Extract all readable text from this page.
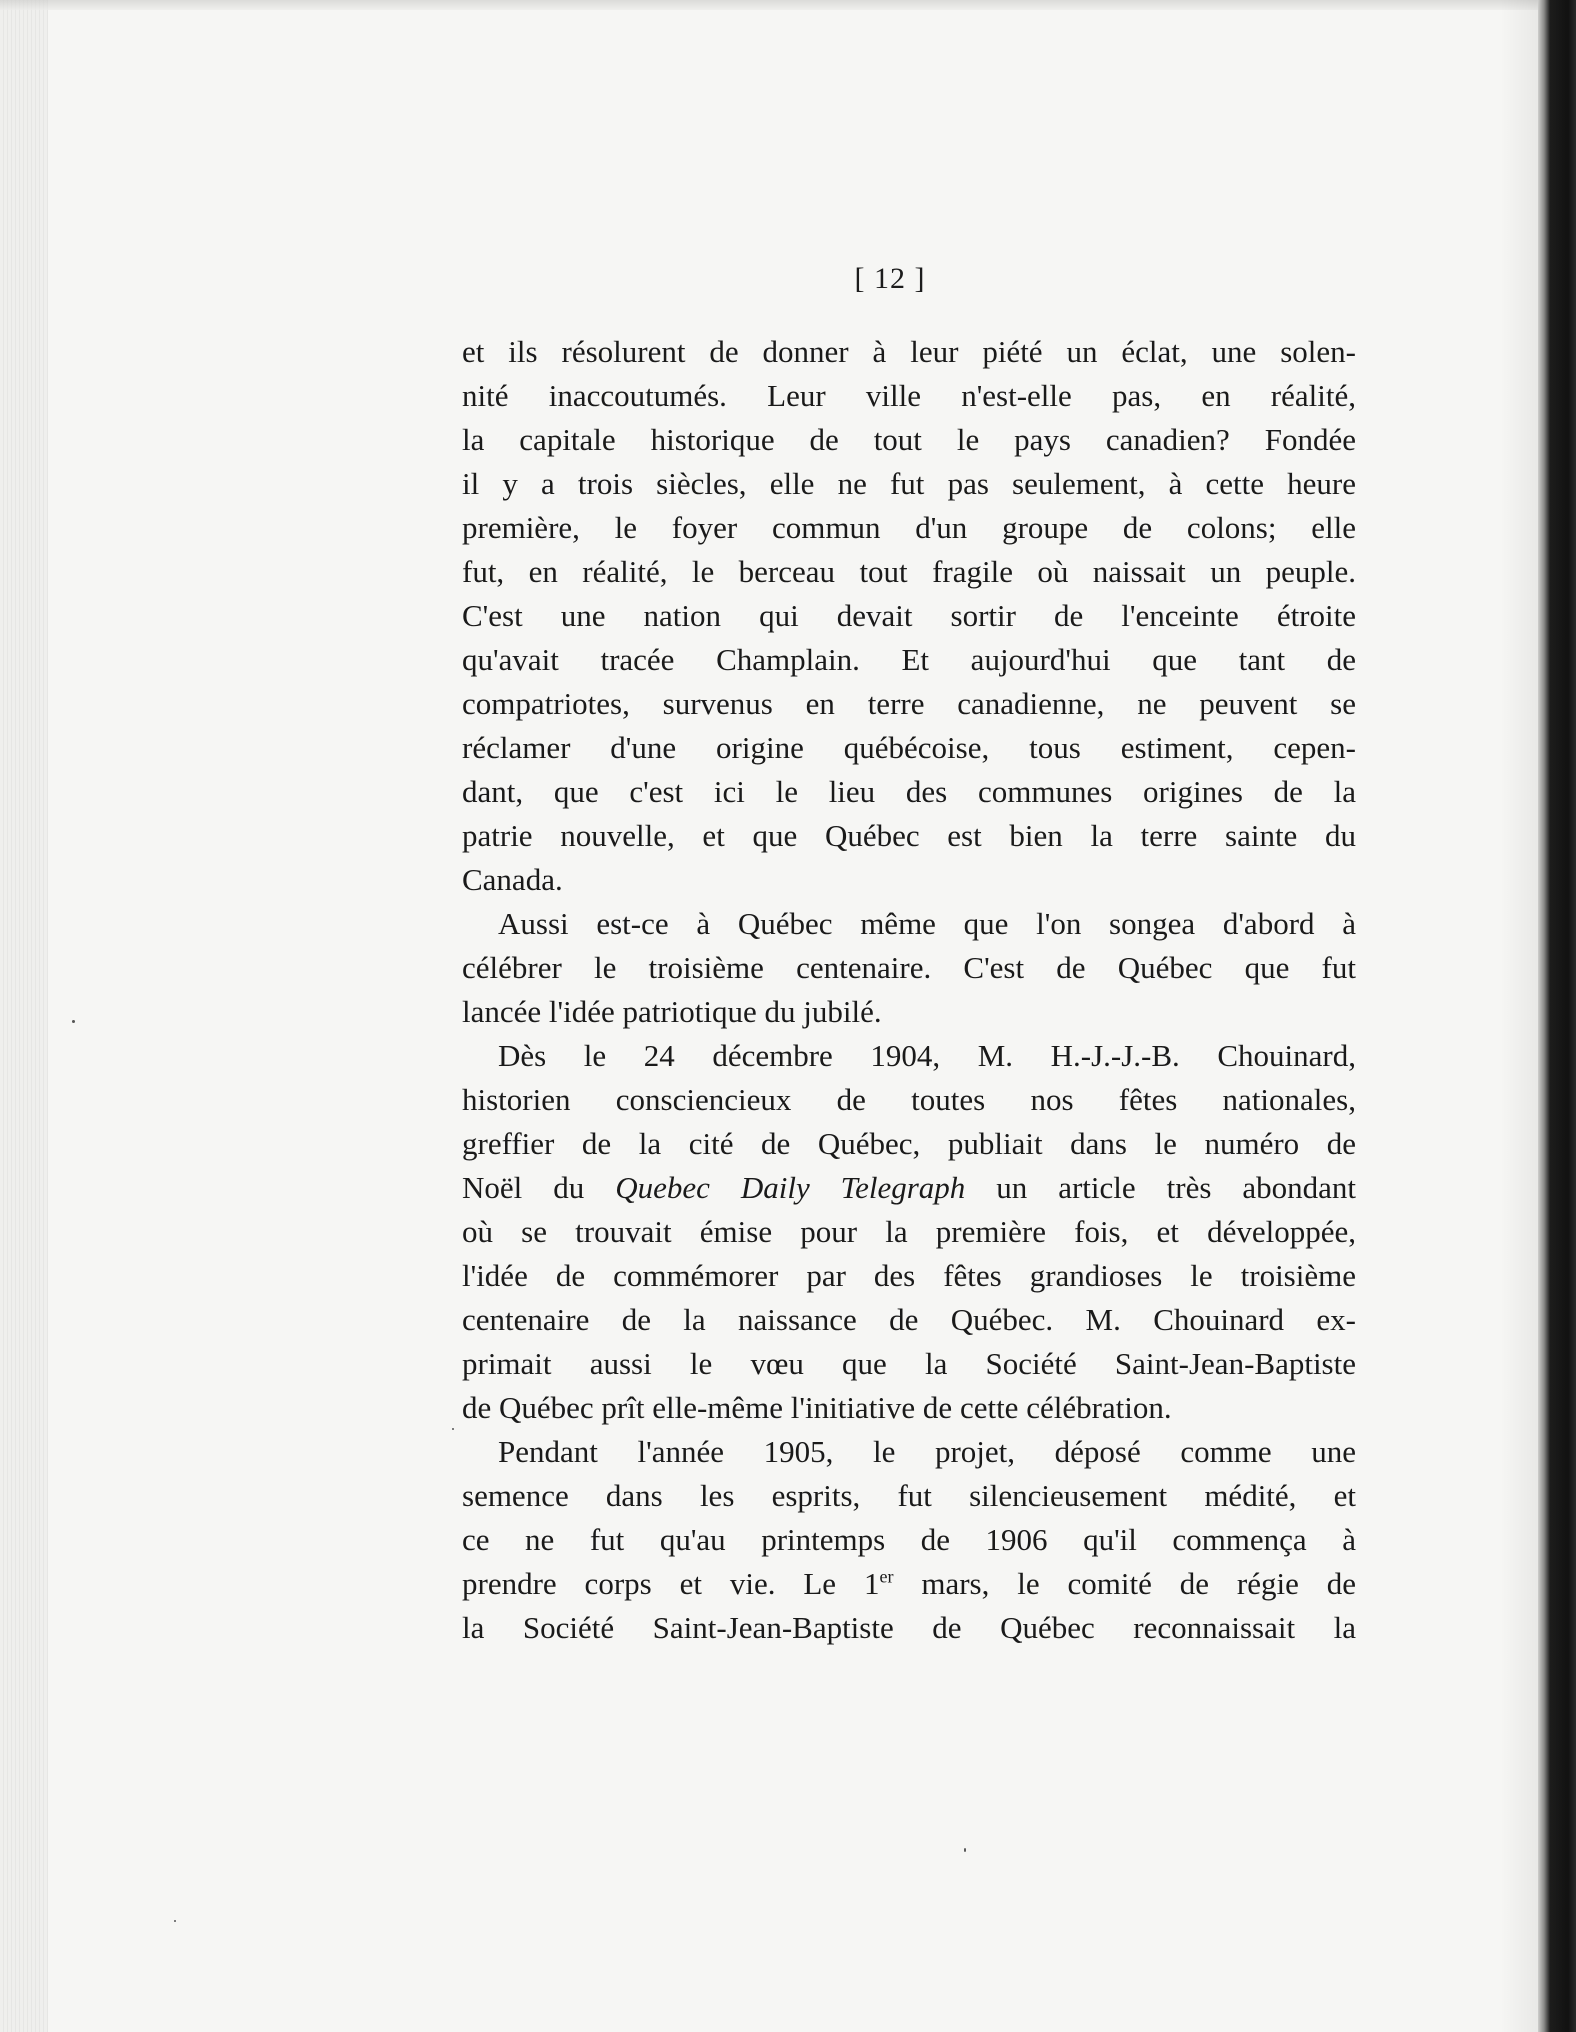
[ 12 ]
et ils résolurent de donner à leur piété un éclat, une solen-
nité inaccoutumés. Leur ville n'est-elle pas, en réalité,
la capitale historique de tout le pays canadien? Fondée
il y a trois siècles, elle ne fut pas seulement, à cette heure
première, le foyer commun d'un groupe de colons; elle
fut, en réalité, le berceau tout fragile où naissait un peuple.
C'est une nation qui devait sortir de l'enceinte étroite
qu'avait tracée Champlain. Et aujourd'hui que tant de
compatriotes, survenus en terre canadienne, ne peuvent se
réclamer d'une origine québécoise, tous estiment, cepen-
dant, que c'est ici le lieu des communes origines de la
patrie nouvelle, et que Québec est bien la terre sainte du
Canada.
Aussi est-ce à Québec même que l'on songea d'abord à
célébrer le troisième centenaire. C'est de Québec que fut
lancée l'idée patriotique du jubilé.
Dès le 24 décembre 1904, M. H.-J.-J.-B. Chouinard,
historien consciencieux de toutes nos fêtes nationales,
greffier de la cité de Québec, publiait dans le numéro de
Noël du Quebec Daily Telegraph un article très abondant
où se trouvait émise pour la première fois, et développée,
l'idée de commémorer par des fêtes grandioses le troisième
centenaire de la naissance de Québec. M. Chouinard ex-
primait aussi le vœu que la Société Saint-Jean-Baptiste
de Québec prît elle-même l'initiative de cette célébration.
Pendant l'année 1905, le projet, déposé comme une
semence dans les esprits, fut silencieusement médité, et
ce ne fut qu'au printemps de 1906 qu'il commença à
prendre corps et vie. Le 1er mars, le comité de régie de
la Société Saint-Jean-Baptiste de Québec reconnaissait la
